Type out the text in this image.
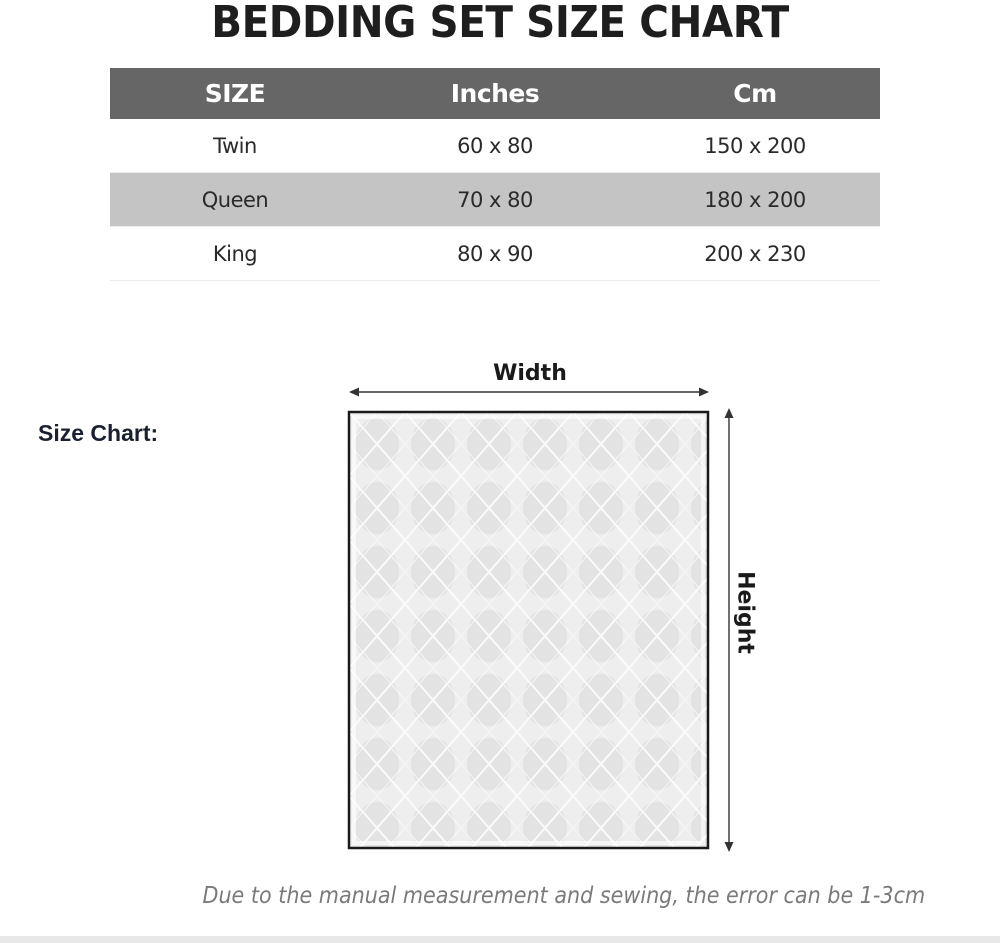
BEDDING SET SIZE CHART
SIZE	Inches	Cm
Twin	60 x 80	150 x 200
Queen	70 x 80	180 x 200
King	80 x 90	200 x 230
Size Chart:
Width
Height
Due to the manual measurement and sewing, the error can be 1-3cm
